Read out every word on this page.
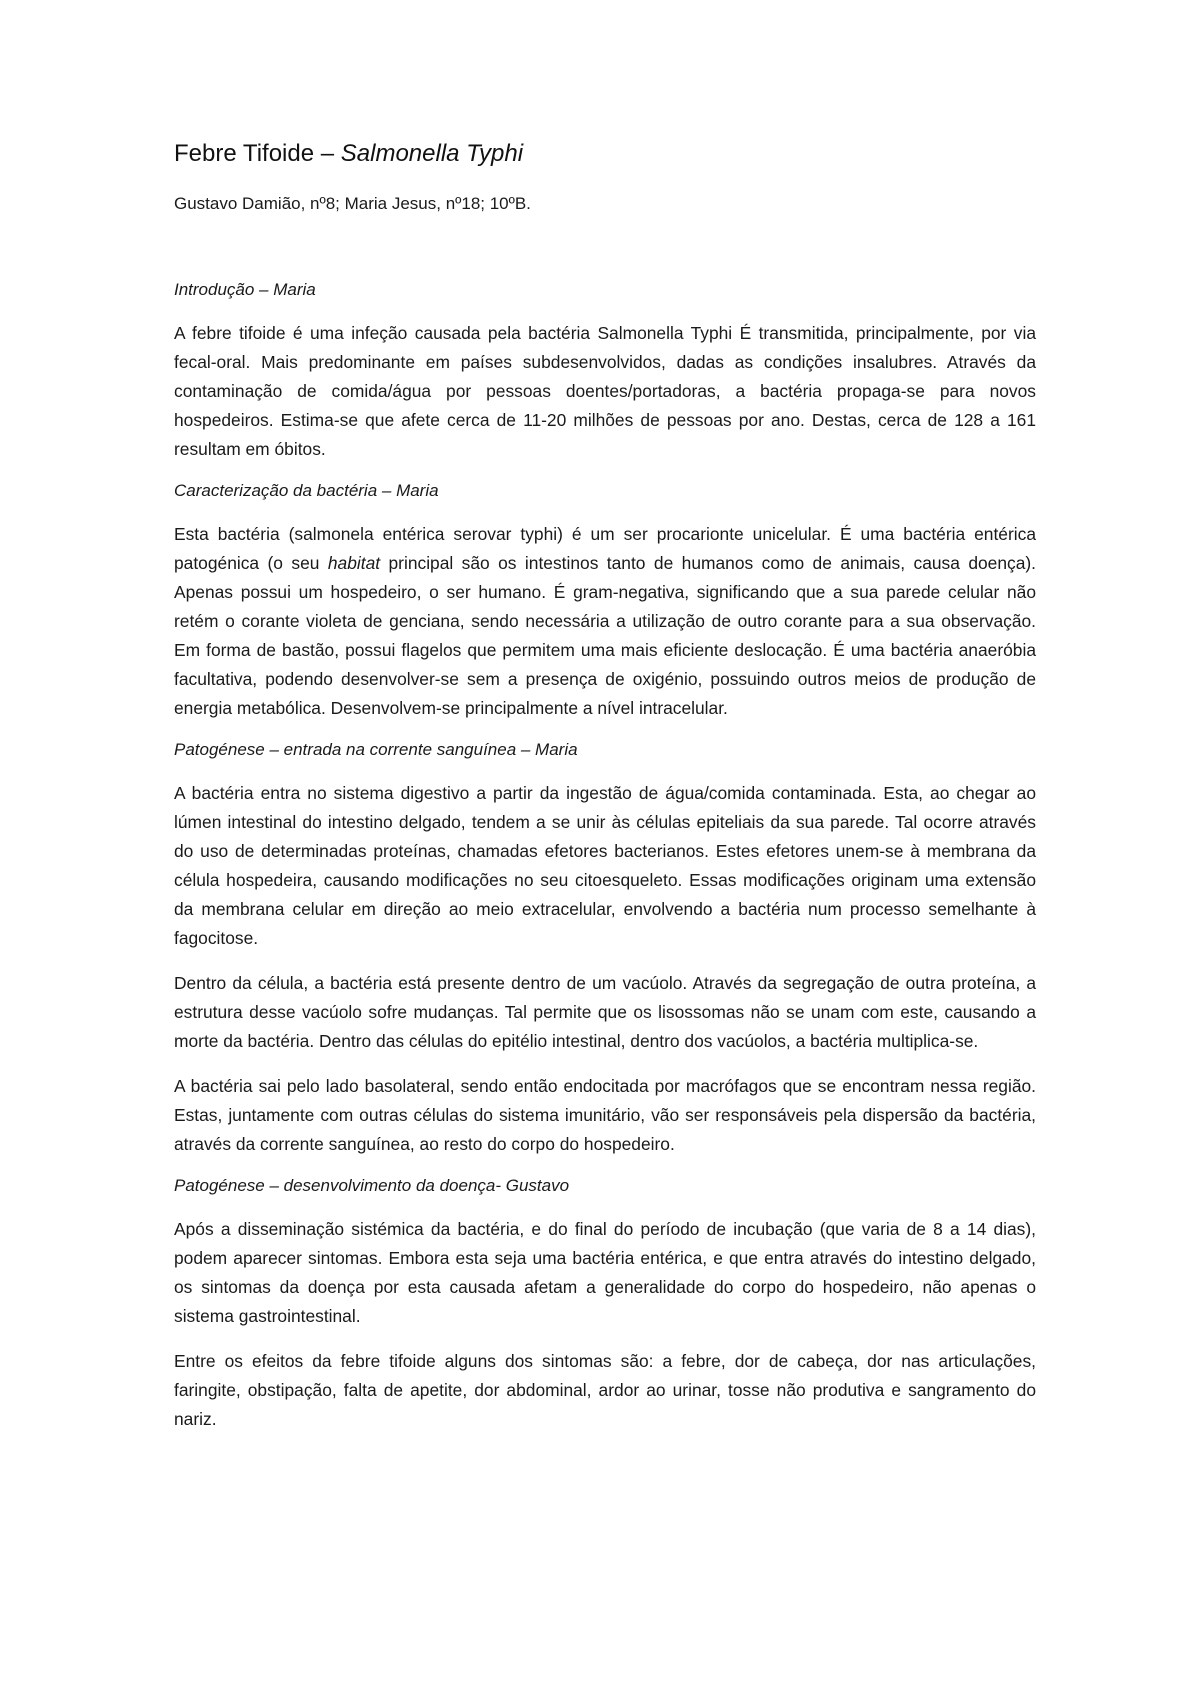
Febre Tifoide – Salmonella Typhi

Gustavo Damião, nº8; Maria Jesus, nº18; 10ºB.

Introdução – Maria

A febre tifoide é uma infeção causada pela bactéria Salmonella Typhi É transmitida, principalmente, por via fecal-oral. Mais predominante em países subdesenvolvidos, dadas as condições insalubres. Através da contaminação de comida/água por pessoas doentes/portadoras, a bactéria propaga-se para novos hospedeiros. Estima-se que afete cerca de 11-20 milhões de pessoas por ano. Destas, cerca de 128 a 161 resultam em óbitos.

Caracterização da bactéria – Maria

Esta bactéria (salmonela entérica serovar typhi) é um ser procarionte unicelular. É uma bactéria entérica patogénica (o seu habitat principal são os intestinos tanto de humanos como de animais, causa doença). Apenas possui um hospedeiro, o ser humano. É gram-negativa, significando que a sua parede celular não retém o corante violeta de genciana, sendo necessária a utilização de outro corante para a sua observação. Em forma de bastão, possui flagelos que permitem uma mais eficiente deslocação. É uma bactéria anaeróbia facultativa, podendo desenvolver-se sem a presença de oxigénio, possuindo outros meios de produção de energia metabólica. Desenvolvem-se principalmente a nível intracelular.

Patogénese – entrada na corrente sanguínea – Maria

A bactéria entra no sistema digestivo a partir da ingestão de água/comida contaminada. Esta, ao chegar ao lúmen intestinal do intestino delgado, tendem a se unir às células epiteliais da sua parede. Tal ocorre através do uso de determinadas proteínas, chamadas efetores bacterianos. Estes efetores unem-se à membrana da célula hospedeira, causando modificações no seu citoesqueleto. Essas modificações originam uma extensão da membrana celular em direção ao meio extracelular, envolvendo a bactéria num processo semelhante à fagocitose.

Dentro da célula, a bactéria está presente dentro de um vacúolo. Através da segregação de outra proteína, a estrutura desse vacúolo sofre mudanças. Tal permite que os lisossomas não se unam com este, causando a morte da bactéria. Dentro das células do epitélio intestinal, dentro dos vacúolos, a bactéria multiplica-se.

A bactéria sai pelo lado basolateral, sendo então endocitada por macrófagos que se encontram nessa região. Estas, juntamente com outras células do sistema imunitário, vão ser responsáveis pela dispersão da bactéria, através da corrente sanguínea, ao resto do corpo do hospedeiro.

Patogénese – desenvolvimento da doença- Gustavo

Após a disseminação sistémica da bactéria, e do final do período de incubação (que varia de 8 a 14 dias), podem aparecer sintomas. Embora esta seja uma bactéria entérica, e que entra através do intestino delgado, os sintomas da doença por esta causada afetam a generalidade do corpo do hospedeiro, não apenas o sistema gastrointestinal.

Entre os efeitos da febre tifoide alguns dos sintomas são: a febre, dor de cabeça, dor nas articulações, faringite, obstipação, falta de apetite, dor abdominal, ardor ao urinar, tosse não produtiva e sangramento do nariz.
